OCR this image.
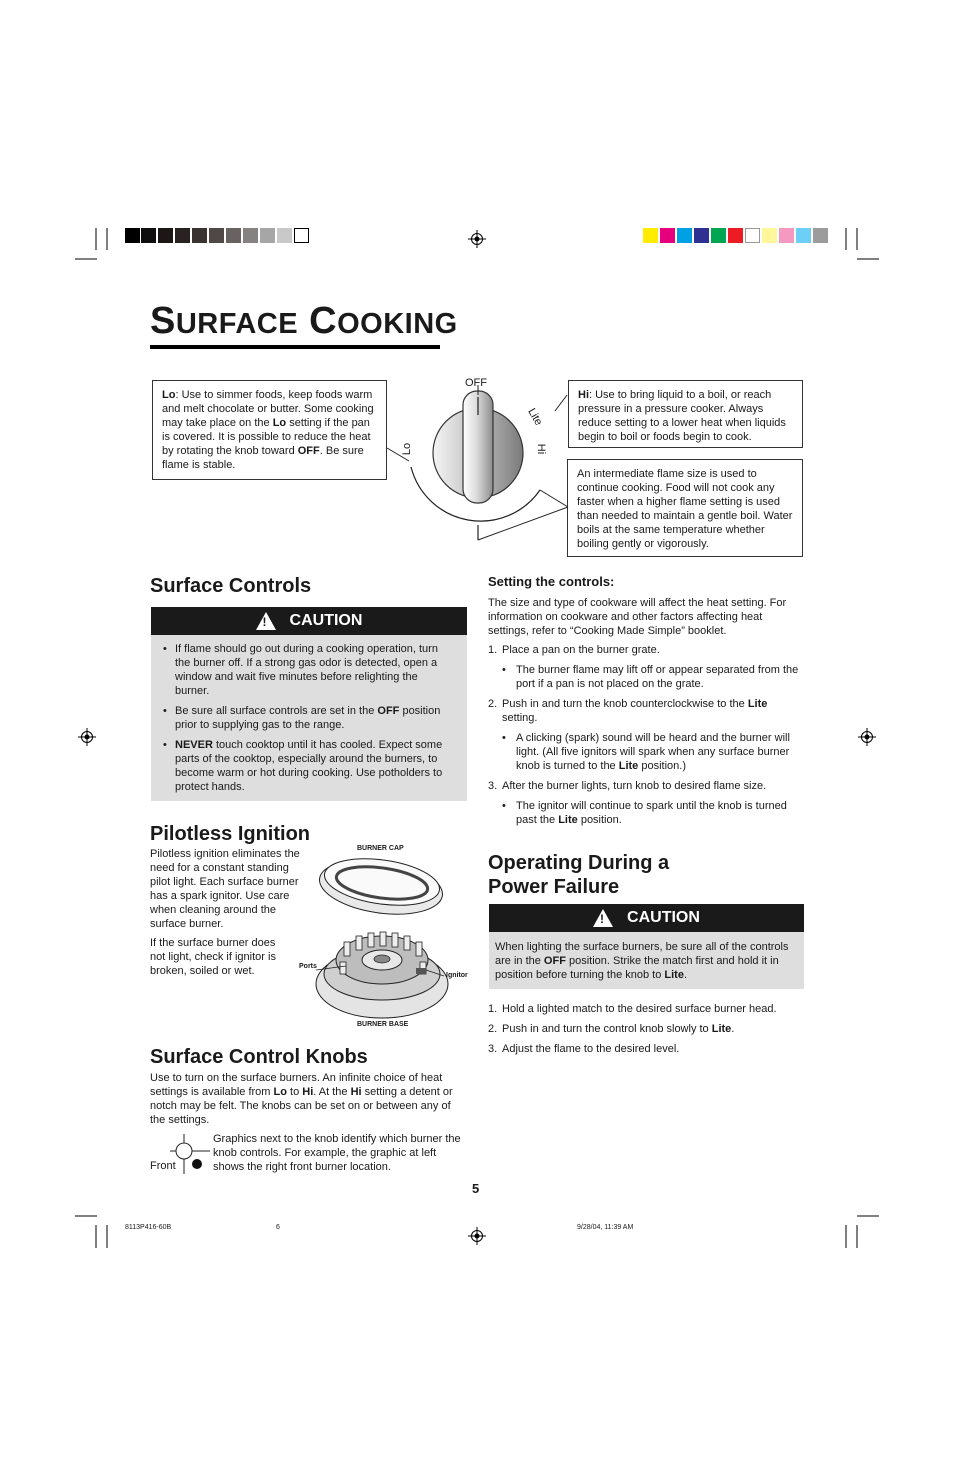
SURFACE COOKING
Lo: Use to simmer foods, keep foods warm and melt chocolate or butter. Some cooking may take place on the Lo setting if the pan is covered. It is possible to reduce the heat by rotating the knob toward OFF. Be sure flame is stable.
Hi: Use to bring liquid to a boil, or reach pressure in a pressure cooker. Always reduce setting to a lower heat when liquids begin to boil or foods begin to cook.
An intermediate flame size is used to continue cooking. Food will not cook any faster when a higher flame setting is used than needed to maintain a gentle boil. Water boils at the same temperature whether boiling gently or vigorously.
OFF
Lite
Hi
Lo
Surface Controls
! CAUTION
• If flame should go out during a cooking operation, turn the burner off. If a strong gas odor is detected, open a window and wait five minutes before relighting the burner.
• Be sure all surface controls are set in the OFF position prior to supplying gas to the range.
• NEVER touch cooktop until it has cooled. Expect some parts of the cooktop, especially around the burners, to become warm or hot during cooking. Use potholders to protect hands.
Pilotless Ignition
Pilotless ignition eliminates the need for a constant standing pilot light. Each surface burner has a spark ignitor. Use care when cleaning around the surface burner.
If the surface burner does not light, check if ignitor is broken, soiled or wet.
BURNER CAP
Ports
Ignitor
BURNER BASE
Surface Control Knobs
Use to turn on the surface burners. An infinite choice of heat settings is available from Lo to Hi. At the Hi setting a detent or notch may be felt. The knobs can be set on or between any of the settings.
Front
Graphics next to the knob identify which burner the knob controls. For example, the graphic at left shows the right front burner location.
Setting the controls:
The size and type of cookware will affect the heat setting. For information on cookware and other factors affecting heat settings, refer to “Cooking Made Simple” booklet.
1. Place a pan on the burner grate.
• The burner flame may lift off or appear separated from the port if a pan is not placed on the grate.
2. Push in and turn the knob counterclockwise to the Lite setting.
• A clicking (spark) sound will be heard and the burner will light. (All five ignitors will spark when any surface burner knob is turned to the Lite position.)
3. After the burner lights, turn knob to desired flame size.
• The ignitor will continue to spark until the knob is turned past the Lite position.
Operating During a
Power Failure
! CAUTION
When lighting the surface burners, be sure all of the controls are in the OFF position. Strike the match first and hold it in position before turning the knob to Lite.
1. Hold a lighted match to the desired surface burner head.
2. Push in and turn the control knob slowly to Lite.
3. Adjust the flame to the desired level.
5
8113P416-60B	6	9/28/04, 11:39 AM
